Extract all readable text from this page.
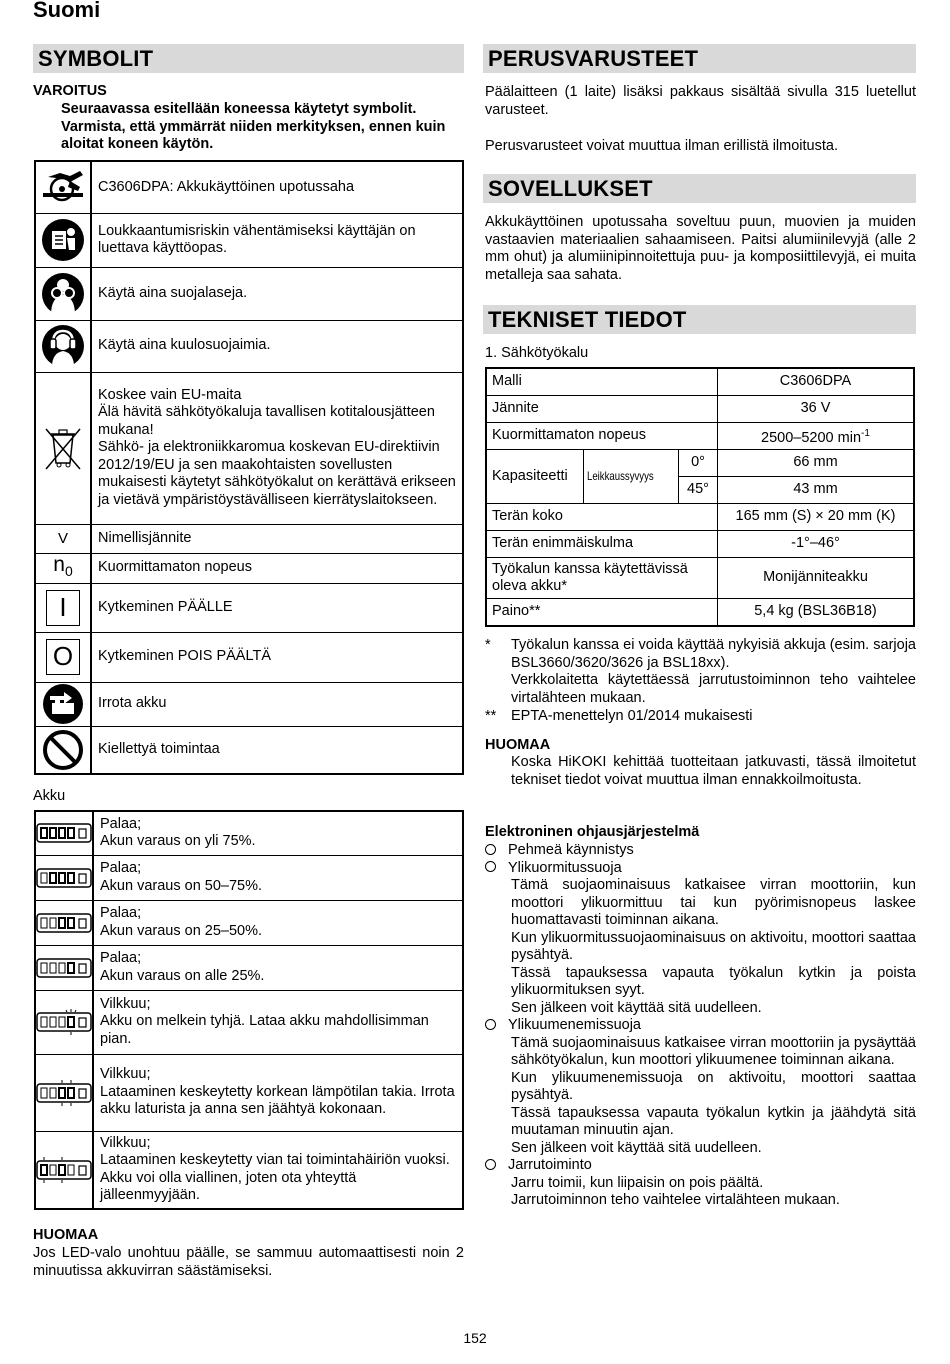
Suomi
SYMBOLIT
VAROITUS
Seuraavassa esitellään koneessa käytetyt symbolit. Varmista, että ymmärrät niiden merkityksen, ennen kuin aloitat koneen käytön.
	C3606DPA: Akkukäyttöinen upotussaha

	Loukkaantumisriskin vähentämiseksi käyttäjän on luettava käyttöopas.

	Käytä aina suojalaseja.

	Käytä aina kuulosuojaimia.

Koskee vain EU-maita
Älä hävitä sähkötyökaluja tavallisen kotitalousjätteen mukana!
Sähkö- ja elektroniikkaromua koskevan EU-direktiivin 2012/19/EU ja sen maakohtaisten sovellusten mukaisesti käytetyt sähkötyökalut on kerättävä erikseen ja vietävä ympäristöystävälliseen kierrätyslaitokseen.

V	Nimellisjännite
$n_0$	Kuormittamaton nopeus

I	Kytkeminen PÄÄLLE

O	Kytkeminen POIS PÄÄLTÄ

	Irrota akku

	Kiellettyä toimintaa
Akku

Palaa;
Akun varaus on yli 75%.

Palaa;
Akun varaus on 50–75%.

Palaa;
Akun varaus on 25–50%.

Palaa;
Akun varaus on alle 25%.

Vilkkuu;
Akku on melkein tyhjä. Lataa akku mahdollisimman pian.

Vilkkuu;
Lataaminen keskeytetty korkean lämpötilan takia. Irrota akku laturista ja anna sen jäähtyä kokonaan.

Vilkkuu;
Lataaminen keskeytetty vian tai toimintahäiriön vuoksi. Akku voi olla viallinen, joten ota yhteyttä jälleenmyyjään.
HUOMAA
Jos LED-valo unohtuu päälle, se sammuu automaattisesti noin 2 minuutissa akkuvirran säästämiseksi.
PERUSVARUSTEET
Päälaitteen (1 laite) lisäksi pakkaus sisältää sivulla 315 luetellut varusteet.
Perusvarusteet voivat muuttua ilman erillistä ilmoitusta.
SOVELLUKSET
Akkukäyttöinen upotussaha soveltuu puun, muovien ja muiden vastaavien materiaalien sahaamiseen. Paitsi alumiinilevyjä (alle 2 mm ohut) ja alumiinipinnoitettuja puu- ja komposiittilevyjä, ei muita metalleja saa sahata.
TEKNISET TIEDOT
1. Sähkötyökalu
Malli			C3606DPA
Jännite			36 V
Kuormittamaton nopeus			2500–5200 $\min^{-1}$
Kapasiteetti	Leikkaussyvyys	0°	66 mm
		45°	43 mm
Terän koko			165 mm (S) × 20 mm (K)
Terän enimmäiskulma			-1°–46°
Työkalun kanssa käytettävissä oleva akku*			Monijänniteakku
Paino**			5,4 kg (BSL36B18)
*	Työkalun kanssa ei voida käyttää nykyisiä akkuja (esim. sarjoja BSL3660/3620/3626 ja BSL18xx).
Verkkolaitetta käytettäessä jarrutustoiminnon teho vaihtelee virtalähteen mukaan.
**	EPTA-menettelyn 01/2014 mukaisesti
HUOMAA
Koska HiKOKI kehittää tuotteitaan jatkuvasti, tässä ilmoitetut tekniset tiedot voivat muuttua ilman ennakkoilmoitusta.
Elektroninen ohjausjärjestelmä
Pehmeä käynnistys
Ylikuormitussuoja
Tämä suojaominaisuus katkaisee virran moottoriin, kun moottori ylikuormittuu tai kun pyörimisnopeus laskee huomattavasti toiminnan aikana.
Kun ylikuormitussuojaominaisuus on aktivoitu, moottori saattaa pysähtyä.
Tässä tapauksessa vapauta työkalun kytkin ja poista ylikuormituksen syyt.
Sen jälkeen voit käyttää sitä uudelleen.
Ylikuumenemissuoja
Tämä suojaominaisuus katkaisee virran moottoriin ja pysäyttää sähkötyökalun, kun moottori ylikuumenee toiminnan aikana.
Kun ylikuumenemissuoja on aktivoitu, moottori saattaa pysähtyä.
Tässä tapauksessa vapauta työkalun kytkin ja jäähdytä sitä muutaman minuutin ajan.
Sen jälkeen voit käyttää sitä uudelleen.
Jarrutoiminto
Jarru toimii, kun liipaisin on pois päältä.
Jarrutoiminnon teho vaihtelee virtalähteen mukaan.
152
